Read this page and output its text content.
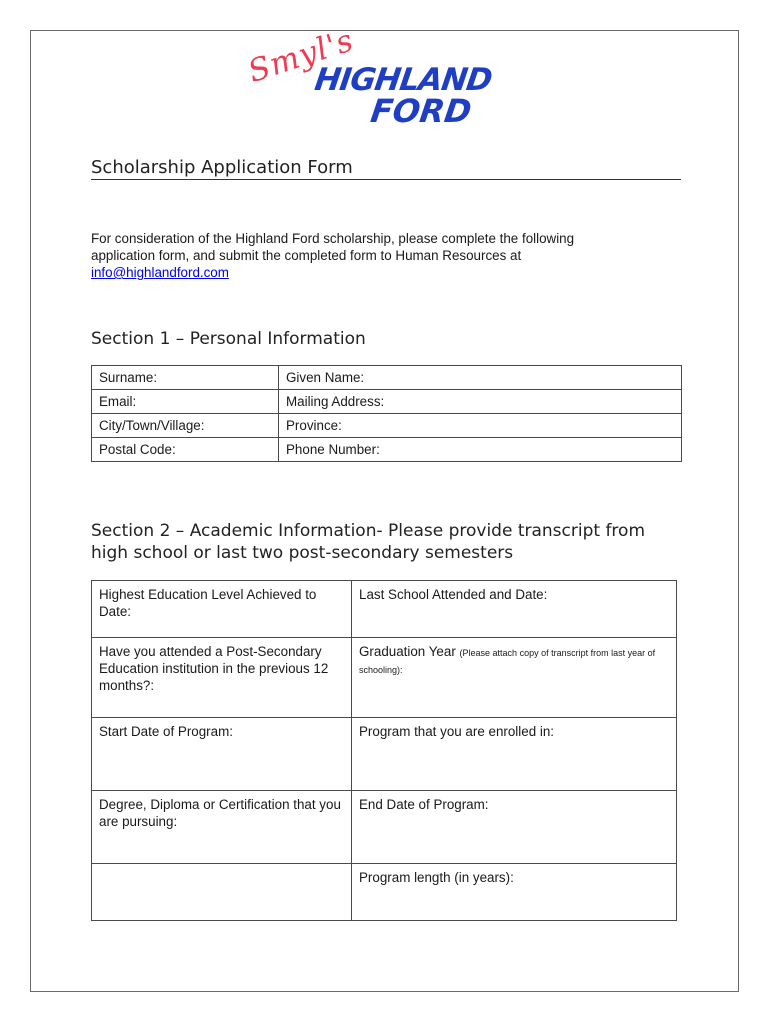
Smyl's
HIGHLAND
FORD
Scholarship Application Form
For consideration of the Highland Ford scholarship, please complete the following application form, and submit the completed form to Human Resources at info@highlandford.com
Section 1 – Personal Information
Surname:	Given Name:
Email:	Mailing Address:
City/Town/Village:	Province:
Postal Code:	Phone Number:
Section 2 – Academic Information- Please provide transcript from high school or last two post-secondary semesters
Highest Education Level Achieved to Date:	Last School Attended and Date:
Have you attended a Post-Secondary Education institution in the previous 12 months?:	Graduation Year (Please attach copy of transcript from last year of schooling):
Start Date of Program:	Program that you are enrolled in:
Degree, Diploma or Certification that you are pursuing:	End Date of Program:
	Program length (in years):
